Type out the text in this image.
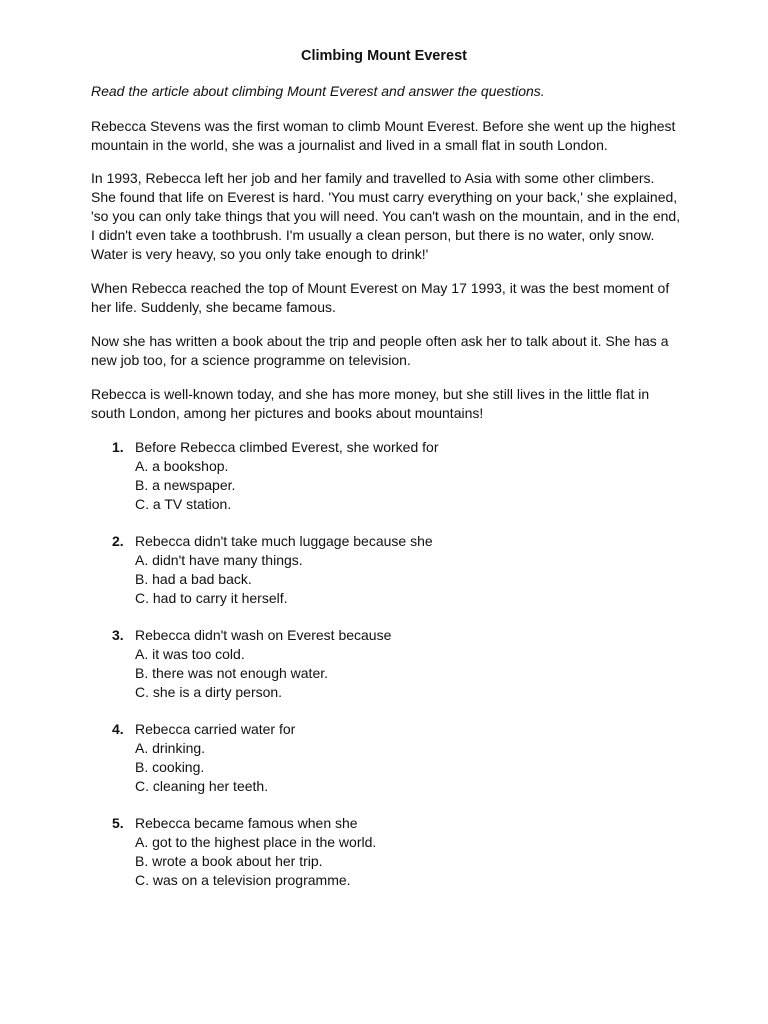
Climbing Mount Everest
Read the article about climbing Mount Everest and answer the questions.

Rebecca Stevens was the first woman to climb Mount Everest. Before she went up the highest mountain in the world, she was a journalist and lived in a small flat in south London.

In 1993, Rebecca left her job and her family and travelled to Asia with some other climbers. She found that life on Everest is hard. 'You must carry everything on your back,' she explained, 'so you can only take things that you will need. You can't wash on the mountain, and in the end, I didn't even take a toothbrush. I'm usually a clean person, but there is no water, only snow. Water is very heavy, so you only take enough to drink!'

When Rebecca reached the top of Mount Everest on May 17 1993, it was the best moment of her life. Suddenly, she became famous.

Now she has written a book about the trip and people often ask her to talk about it. She has a new job too, for a science programme on television.

Rebecca is well-known today, and she has more money, but she still lives in the little flat in south London, among her pictures and books about mountains!

1. Before Rebecca climbed Everest, she worked for
A. a bookshop.
B. a newspaper.
C. a TV station.
2. Rebecca didn't take much luggage because she
A. didn't have many things.
B. had a bad back.
C. had to carry it herself.
3. Rebecca didn't wash on Everest because
A. it was too cold.
B. there was not enough water.
C. she is a dirty person.
4. Rebecca carried water for
A. drinking.
B. cooking.
C. cleaning her teeth.
5. Rebecca became famous when she
A. got to the highest place in the world.
B. wrote a book about her trip.
C. was on a television programme.
